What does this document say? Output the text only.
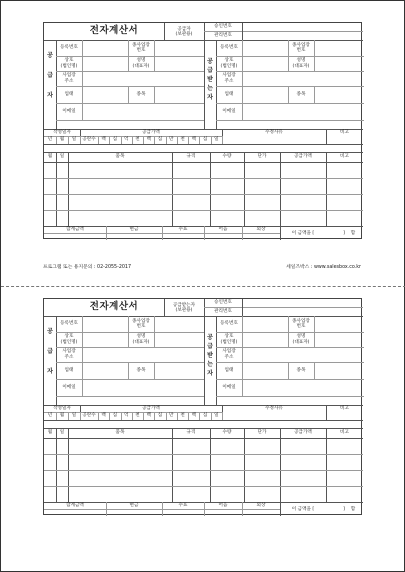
전자계산서	공급자
(보관용)
승인번호
관리번호
공
급
자
공
급
받
는
자
등록번호
종사업장
번호
상호
(법인명)
성명
(대표자)
사업장
주소
업태	종목
이메일
등록번호
종사업장
번호
상호
(법인명)
성명
(대표자)
사업장
주소
업태	종목
이메일
작성일자	공급가액	수정사유	비고
년	월	일	공란수	백	십	억	천	백	십	만	천	백	십	일
월	일	품목	규격	수량	단가	공급가액	비고
합계금액	현금	수표	어음	외상
이 금액을 [	]	함
프로그램 또는 용지문의 : 02-2055-2017	세일즈박스 : www.salesbox.co.kr
전자계산서	공급받는자
(보관용)
승인번호
관리번호
공
급
자
공
급
받
는
자
등록번호
종사업장
번호
상호
(법인명)
성명
(대표자)
사업장
주소
업태	종목
이메일
등록번호
종사업장
번호
상호
(법인명)
성명
(대표자)
사업장
주소
업태	종목
이메일
작성일자	공급가액	수정사유	비고
년	월	일	공란수	백	십	억	천	백	십	만	천	백	십	일
월	일	품목	규격	수량	단가	공급가액	비고
합계금액	현금	수표	어음	외상
이 금액을 [	]	함
